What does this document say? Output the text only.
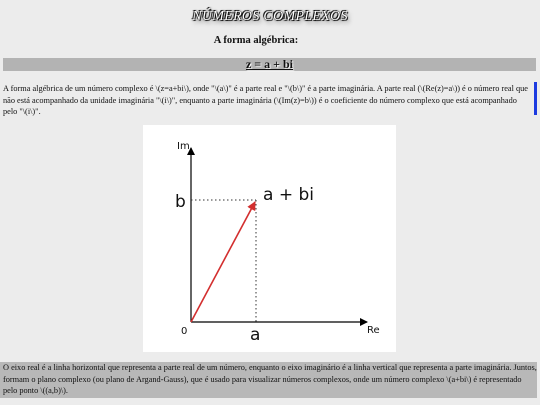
NÚMEROS COMPLEXOS
A forma algébrica:
z = a + bi
A forma algébrica de um número complexo é \(z=a+bi\), onde "\(a\)" é a parte real e "\(b\)" é a parte imaginária. A parte real (\(Re(z)=a\)) é o número real que não está acompanhado da unidade imaginária "\(i\)", enquanto a parte imaginária (\(Im(z)=b\)) é o coeficiente do número complexo que está acompanhado pelo "\(i\)".
Im
Re
0	a
b	a + bi
O eixo real é a linha horizontal que representa a parte real de um número, enquanto o eixo imaginário é a linha vertical que representa a parte imaginária. Juntos, formam o plano complexo (ou plano de Argand-Gauss), que é usado para visualizar números complexos, onde um número complexo \(a+bi\) é representado pelo ponto \((a,b)\).
